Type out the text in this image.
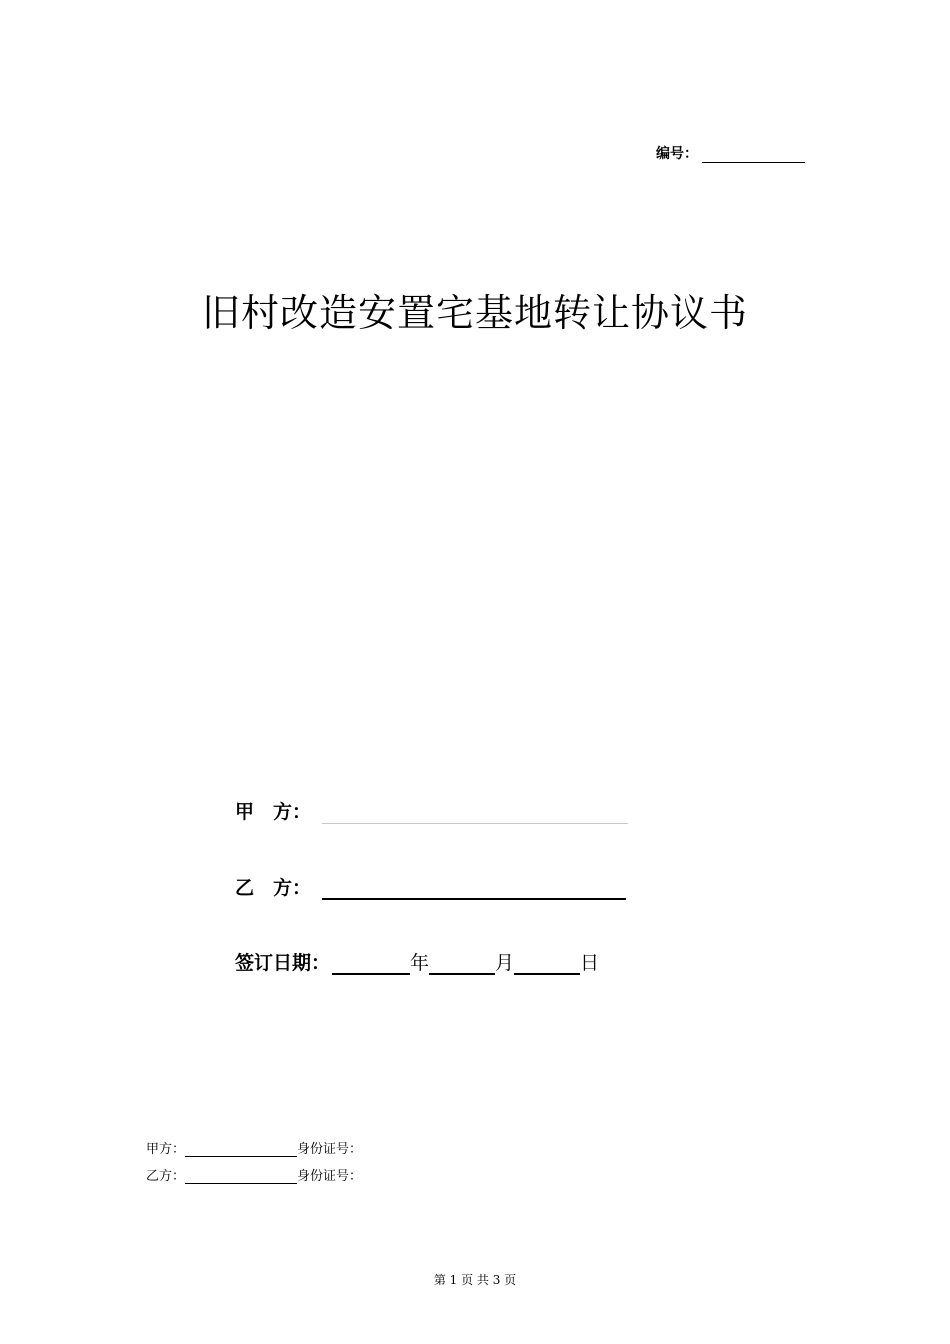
编号：
旧村改造安置宅基地转让协议书
甲　方：
乙　方：
签订日期：	年	月	日
甲方：	身份证号：
乙方：	身份证号：
第 1 页 共 3 页
